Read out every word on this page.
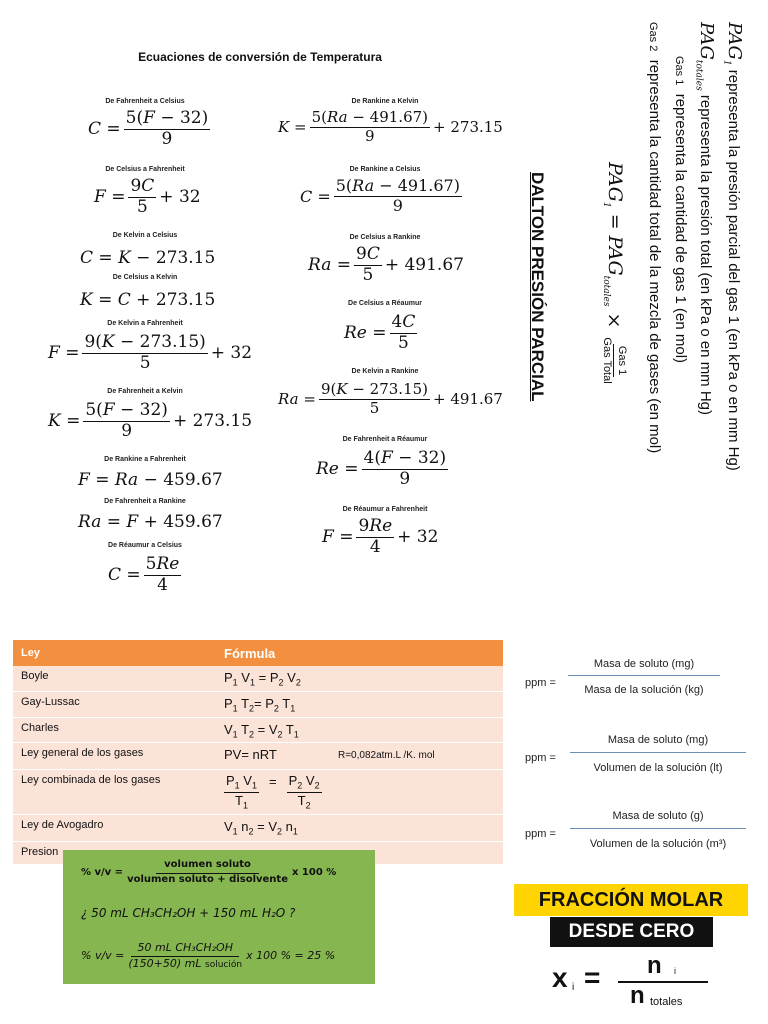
Ecuaciones de conversión de Temperatura
De Fahrenheit a Celsius
De Celsius a Fahrenheit
De Kelvin a Celsius
De Celsius a Kelvin
De Kelvin a Fahrenheit
De Fahrenheit a Kelvin
De Rankine a Fahrenheit
De Fahrenheit a Rankine
De Réaumur a Celsius
De Rankine a Kelvin
De Rankine a Celsius
De Celsius a Rankine
De Celsius a Réaumur
De Kelvin a Rankine
De Fahrenheit a Réaumur
De Réaumur a Fahrenheit
$C = \frac{5(F - 32)}{9}$
$F = \frac{9C}{5} + 32$
C = K − 273.15
K = C + 273.15
$F = \frac{9(K - 273.15)}{5} + 32$
$K = \frac{5(F - 32)}{9} + 273.15$
F = Ra − 459.67
Ra = F + 459.67
$C = \frac{5Re}{4}$
$K = \frac{5(Ra - 491.67)}{9} + 273.15$
$C = \frac{5(Ra - 491.67)}{9}$
$Ra = \frac{9C}{5} + 491.67$
$Re = \frac{4C}{5}$
$Ra = \frac{9(K - 273.15)}{5} + 491.67$
$Re = \frac{4(F - 32)}{9}$
$F = \frac{9Re}{4} + 32$
$PAG_1$ representa la presión parcial del gas 1 (en kPa o en mm Hg)
$PAG_{totales}$ representa la presión total (en kPa o en mm Hg)
Gas 1  representa la cantidad de gas 1 (en mol)
Gas 2  representa la cantidad total de la mezcla de gases (en mol)
$PAG_1 = PAG_{totales}$
×
Gas 1
Gas Total
DALTON PRESIÓN PARCIAL
Ley	Fórmula
Boyle	$P_1$ $V_1 = P_2$ $V_2$
Gay-Lussac	$P_1$ $T_2= P_2$ $T_1$
Charles	$V_1$ $T_2 = V_2$ $T_1$
Ley general de los gases	PV= nRT	R=0,082atm.L /K. mol
Ley combinada de los gases	$\frac{P_1 V_1}{T_1} = \frac{P_2 V_2}{T_2}$
Ley de Avogadro	$V_1$ $n_2 = V_2$ $n_1$
Presion
% $v/v = \frac{\text{volumen soluto}}{\text{volumen soluto + disolvente}}$ x 100 %
¿ 50 mL CH₃CH₂OH + 150 mL H₂O ?
% $v/v = \frac{\text{50 mL CH₃CH₂OH}}{\text{(150+50) mL solución}}$ x 100 % = 25 %
ppm =
Masa de soluto (mg)
Masa de la solución (kg)
ppm =
Masa de soluto (mg)
Volumen de la solución (lt)
ppm =
Masa de soluto (g)
Volumen de la solución (m³)
FRACCIÓN MOLAR
DESDE CERO
x i = n i
n totales
